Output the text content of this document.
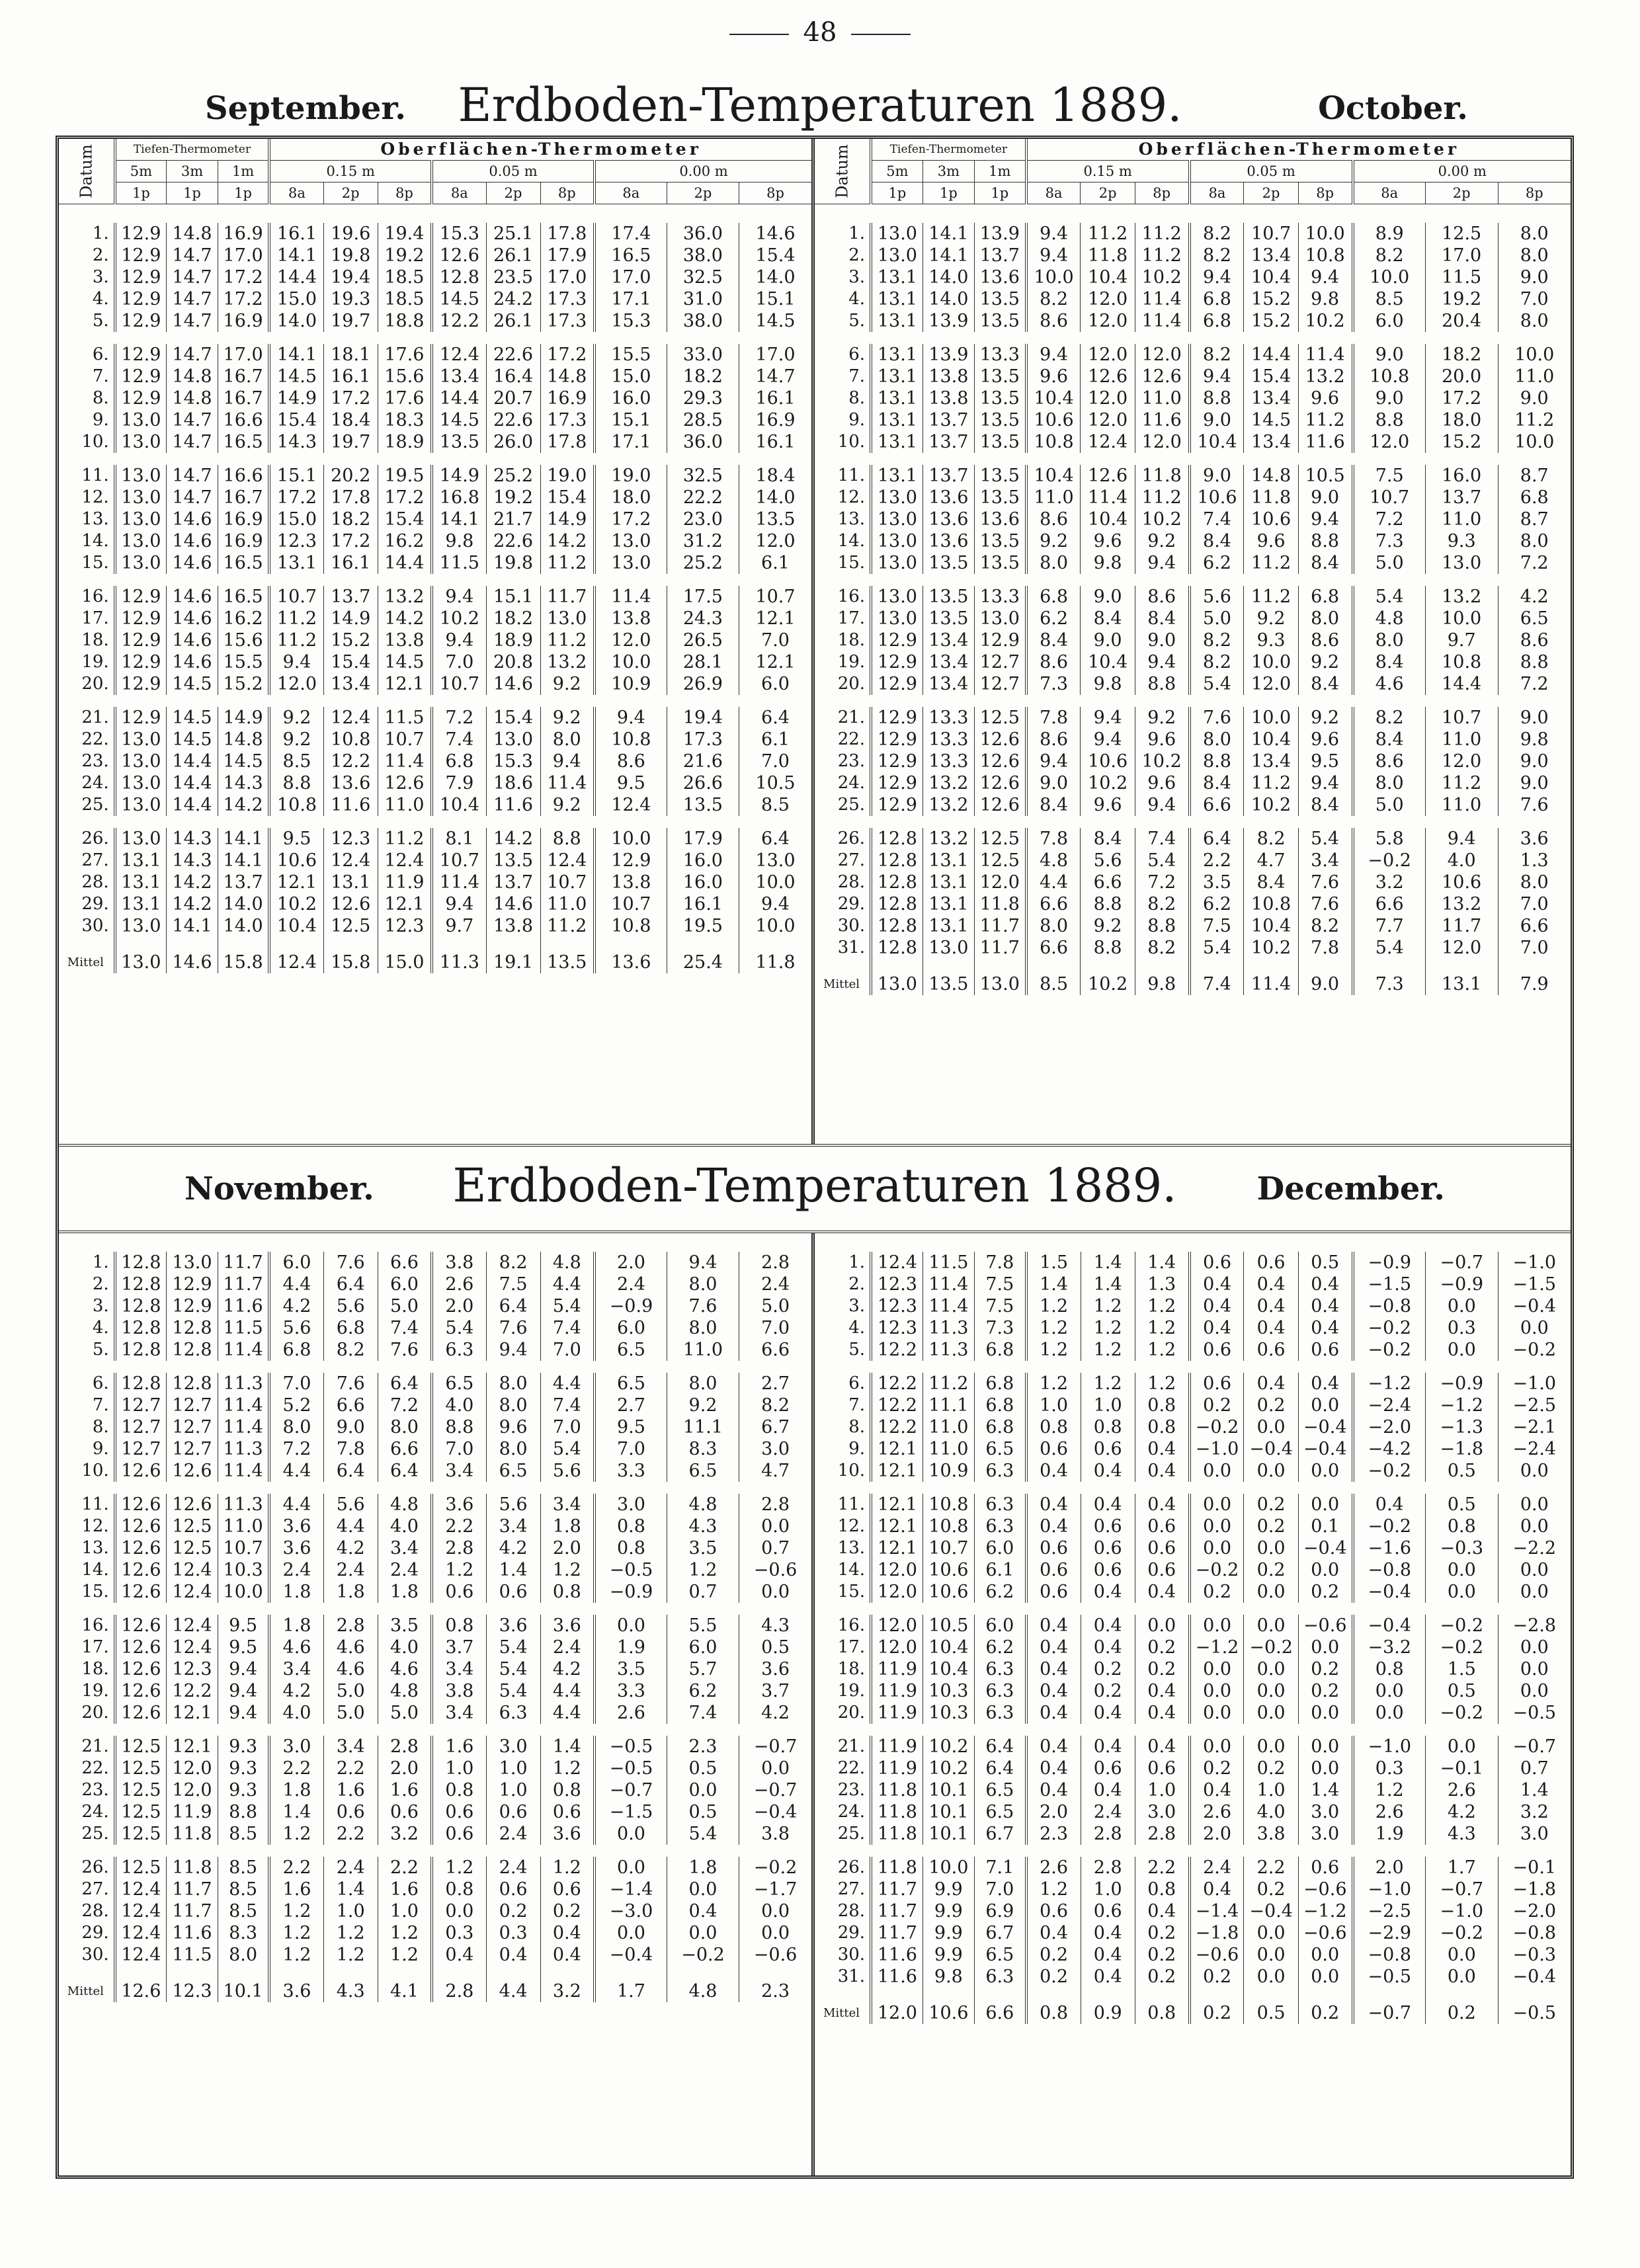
48
September.	Erdboden-Temperaturen 1889.	October.
Datum	Tiefen-Thermometer			Oberflächen-Thermometer								
	5m	3m	1m	0.15 m			0.05 m			0.00 m		
	1p	1p	1p	8a	2p	8p	8a	2p	8p	8a	2p	8p

1.	12.9	14.8	16.9	16.1	19.6	19.4	15.3	25.1	17.8	17.4	36.0	14.6
2.	12.9	14.7	17.0	14.1	19.8	19.2	12.6	26.1	17.9	16.5	38.0	15.4
3.	12.9	14.7	17.2	14.4	19.4	18.5	12.8	23.5	17.0	17.0	32.5	14.0
4.	12.9	14.7	17.2	15.0	19.3	18.5	14.5	24.2	17.3	17.1	31.0	15.1
5.	12.9	14.7	16.9	14.0	19.7	18.8	12.2	26.1	17.3	15.3	38.0	14.5

6.	12.9	14.7	17.0	14.1	18.1	17.6	12.4	22.6	17.2	15.5	33.0	17.0
7.	12.9	14.8	16.7	14.5	16.1	15.6	13.4	16.4	14.8	15.0	18.2	14.7
8.	12.9	14.8	16.7	14.9	17.2	17.6	14.4	20.7	16.9	16.0	29.3	16.1
9.	13.0	14.7	16.6	15.4	18.4	18.3	14.5	22.6	17.3	15.1	28.5	16.9
10.	13.0	14.7	16.5	14.3	19.7	18.9	13.5	26.0	17.8	17.1	36.0	16.1

11.	13.0	14.7	16.6	15.1	20.2	19.5	14.9	25.2	19.0	19.0	32.5	18.4
12.	13.0	14.7	16.7	17.2	17.8	17.2	16.8	19.2	15.4	18.0	22.2	14.0
13.	13.0	14.6	16.9	15.0	18.2	15.4	14.1	21.7	14.9	17.2	23.0	13.5
14.	13.0	14.6	16.9	12.3	17.2	16.2	9.8	22.6	14.2	13.0	31.2	12.0
15.	13.0	14.6	16.5	13.1	16.1	14.4	11.5	19.8	11.2	13.0	25.2	6.1

16.	12.9	14.6	16.5	10.7	13.7	13.2	9.4	15.1	11.7	11.4	17.5	10.7
17.	12.9	14.6	16.2	11.2	14.9	14.2	10.2	18.2	13.0	13.8	24.3	12.1
18.	12.9	14.6	15.6	11.2	15.2	13.8	9.4	18.9	11.2	12.0	26.5	7.0
19.	12.9	14.6	15.5	9.4	15.4	14.5	7.0	20.8	13.2	10.0	28.1	12.1
20.	12.9	14.5	15.2	12.0	13.4	12.1	10.7	14.6	9.2	10.9	26.9	6.0

21.	12.9	14.5	14.9	9.2	12.4	11.5	7.2	15.4	9.2	9.4	19.4	6.4
22.	13.0	14.5	14.8	9.2	10.8	10.7	7.4	13.0	8.0	10.8	17.3	6.1
23.	13.0	14.4	14.5	8.5	12.2	11.4	6.8	15.3	9.4	8.6	21.6	7.0
24.	13.0	14.4	14.3	8.8	13.6	12.6	7.9	18.6	11.4	9.5	26.6	10.5
25.	13.0	14.4	14.2	10.8	11.6	11.0	10.4	11.6	9.2	12.4	13.5	8.5

26.	13.0	14.3	14.1	9.5	12.3	11.2	8.1	14.2	8.8	10.0	17.9	6.4
27.	13.1	14.3	14.1	10.6	12.4	12.4	10.7	13.5	12.4	12.9	16.0	13.0
28.	13.1	14.2	13.7	12.1	13.1	11.9	11.4	13.7	10.7	13.8	16.0	10.0
29.	13.1	14.2	14.0	10.2	12.6	12.1	9.4	14.6	11.0	10.7	16.1	9.4
30.	13.0	14.1	14.0	10.4	12.5	12.3	9.7	13.8	11.2	10.8	19.5	10.0
Mittel	13.0	14.6	15.8	12.4	15.8	15.0	11.3	19.1	13.5	13.6	25.4	11.8
Datum	Tiefen-Thermometer			Oberflächen-Thermometer								
	5m	3m	1m	0.15 m			0.05 m			0.00 m		
	1p	1p	1p	8a	2p	8p	8a	2p	8p	8a	2p	8p

1.	13.0	14.1	13.9	9.4	11.2	11.2	8.2	10.7	10.0	8.9	12.5	8.0
2.	13.0	14.1	13.7	9.4	11.8	11.2	8.2	13.4	10.8	8.2	17.0	8.0
3.	13.1	14.0	13.6	10.0	10.4	10.2	9.4	10.4	9.4	10.0	11.5	9.0
4.	13.1	14.0	13.5	8.2	12.0	11.4	6.8	15.2	9.8	8.5	19.2	7.0
5.	13.1	13.9	13.5	8.6	12.0	11.4	6.8	15.2	10.2	6.0	20.4	8.0

6.	13.1	13.9	13.3	9.4	12.0	12.0	8.2	14.4	11.4	9.0	18.2	10.0
7.	13.1	13.8	13.5	9.6	12.6	12.6	9.4	15.4	13.2	10.8	20.0	11.0
8.	13.1	13.8	13.5	10.4	12.0	11.0	8.8	13.4	9.6	9.0	17.2	9.0
9.	13.1	13.7	13.5	10.6	12.0	11.6	9.0	14.5	11.2	8.8	18.0	11.2
10.	13.1	13.7	13.5	10.8	12.4	12.0	10.4	13.4	11.6	12.0	15.2	10.0

11.	13.1	13.7	13.5	10.4	12.6	11.8	9.0	14.8	10.5	7.5	16.0	8.7
12.	13.0	13.6	13.5	11.0	11.4	11.2	10.6	11.8	9.0	10.7	13.7	6.8
13.	13.0	13.6	13.6	8.6	10.4	10.2	7.4	10.6	9.4	7.2	11.0	8.7
14.	13.0	13.6	13.5	9.2	9.6	9.2	8.4	9.6	8.8	7.3	9.3	8.0
15.	13.0	13.5	13.5	8.0	9.8	9.4	6.2	11.2	8.4	5.0	13.0	7.2

16.	13.0	13.5	13.3	6.8	9.0	8.6	5.6	11.2	6.8	5.4	13.2	4.2
17.	13.0	13.5	13.0	6.2	8.4	8.4	5.0	9.2	8.0	4.8	10.0	6.5
18.	12.9	13.4	12.9	8.4	9.0	9.0	8.2	9.3	8.6	8.0	9.7	8.6
19.	12.9	13.4	12.7	8.6	10.4	9.4	8.2	10.0	9.2	8.4	10.8	8.8
20.	12.9	13.4	12.7	7.3	9.8	8.8	5.4	12.0	8.4	4.6	14.4	7.2

21.	12.9	13.3	12.5	7.8	9.4	9.2	7.6	10.0	9.2	8.2	10.7	9.0
22.	12.9	13.3	12.6	8.6	9.4	9.6	8.0	10.4	9.6	8.4	11.0	9.8
23.	12.9	13.3	12.6	9.4	10.6	10.2	8.8	13.4	9.5	8.6	12.0	9.0
24.	12.9	13.2	12.6	9.0	10.2	9.6	8.4	11.2	9.4	8.0	11.2	9.0
25.	12.9	13.2	12.6	8.4	9.6	9.4	6.6	10.2	8.4	5.0	11.0	7.6

26.	12.8	13.2	12.5	7.8	8.4	7.4	6.4	8.2	5.4	5.8	9.4	3.6
27.	12.8	13.1	12.5	4.8	5.6	5.4	2.2	4.7	3.4	−0.2	4.0	1.3
28.	12.8	13.1	12.0	4.4	6.6	7.2	3.5	8.4	7.6	3.2	10.6	8.0
29.	12.8	13.1	11.8	6.6	8.8	8.2	6.2	10.8	7.6	6.6	13.2	7.0
30.	12.8	13.1	11.7	8.0	9.2	8.8	7.5	10.4	8.2	7.7	11.7	6.6
31.	12.8	13.0	11.7	6.6	8.8	8.2	5.4	10.2	7.8	5.4	12.0	7.0
Mittel	13.0	13.5	13.0	8.5	10.2	9.8	7.4	11.4	9.0	7.3	13.1	7.9
November.	Erdboden-Temperaturen 1889.	December.

1.	12.8	13.0	11.7	6.0	7.6	6.6	3.8	8.2	4.8	2.0	9.4	2.8
2.	12.8	12.9	11.7	4.4	6.4	6.0	2.6	7.5	4.4	2.4	8.0	2.4
3.	12.8	12.9	11.6	4.2	5.6	5.0	2.0	6.4	5.4	−0.9	7.6	5.0
4.	12.8	12.8	11.5	5.6	6.8	7.4	5.4	7.6	7.4	6.0	8.0	7.0
5.	12.8	12.8	11.4	6.8	8.2	7.6	6.3	9.4	7.0	6.5	11.0	6.6

6.	12.8	12.8	11.3	7.0	7.6	6.4	6.5	8.0	4.4	6.5	8.0	2.7
7.	12.7	12.7	11.4	5.2	6.6	7.2	4.0	8.0	7.4	2.7	9.2	8.2
8.	12.7	12.7	11.4	8.0	9.0	8.0	8.8	9.6	7.0	9.5	11.1	6.7
9.	12.7	12.7	11.3	7.2	7.8	6.6	7.0	8.0	5.4	7.0	8.3	3.0
10.	12.6	12.6	11.4	4.4	6.4	6.4	3.4	6.5	5.6	3.3	6.5	4.7

11.	12.6	12.6	11.3	4.4	5.6	4.8	3.6	5.6	3.4	3.0	4.8	2.8
12.	12.6	12.5	11.0	3.6	4.4	4.0	2.2	3.4	1.8	0.8	4.3	0.0
13.	12.6	12.5	10.7	3.6	4.2	3.4	2.8	4.2	2.0	0.8	3.5	0.7
14.	12.6	12.4	10.3	2.4	2.4	2.4	1.2	1.4	1.2	−0.5	1.2	−0.6
15.	12.6	12.4	10.0	1.8	1.8	1.8	0.6	0.6	0.8	−0.9	0.7	0.0

16.	12.6	12.4	9.5	1.8	2.8	3.5	0.8	3.6	3.6	0.0	5.5	4.3
17.	12.6	12.4	9.5	4.6	4.6	4.0	3.7	5.4	2.4	1.9	6.0	0.5
18.	12.6	12.3	9.4	3.4	4.6	4.6	3.4	5.4	4.2	3.5	5.7	3.6
19.	12.6	12.2	9.4	4.2	5.0	4.8	3.8	5.4	4.4	3.3	6.2	3.7
20.	12.6	12.1	9.4	4.0	5.0	5.0	3.4	6.3	4.4	2.6	7.4	4.2

21.	12.5	12.1	9.3	3.0	3.4	2.8	1.6	3.0	1.4	−0.5	2.3	−0.7
22.	12.5	12.0	9.3	2.2	2.2	2.0	1.0	1.0	1.2	−0.5	0.5	0.0
23.	12.5	12.0	9.3	1.8	1.6	1.6	0.8	1.0	0.8	−0.7	0.0	−0.7
24.	12.5	11.9	8.8	1.4	0.6	0.6	0.6	0.6	0.6	−1.5	0.5	−0.4
25.	12.5	11.8	8.5	1.2	2.2	3.2	0.6	2.4	3.6	0.0	5.4	3.8

26.	12.5	11.8	8.5	2.2	2.4	2.2	1.2	2.4	1.2	0.0	1.8	−0.2
27.	12.4	11.7	8.5	1.6	1.4	1.6	0.8	0.6	0.6	−1.4	0.0	−1.7
28.	12.4	11.7	8.5	1.2	1.0	1.0	0.0	0.2	0.2	−3.0	0.4	0.0
29.	12.4	11.6	8.3	1.2	1.2	1.2	0.3	0.3	0.4	0.0	0.0	0.0
30.	12.4	11.5	8.0	1.2	1.2	1.2	0.4	0.4	0.4	−0.4	−0.2	−0.6
Mittel	12.6	12.3	10.1	3.6	4.3	4.1	2.8	4.4	3.2	1.7	4.8	2.3

1.	12.4	11.5	7.8	1.5	1.4	1.4	0.6	0.6	0.5	−0.9	−0.7	−1.0
2.	12.3	11.4	7.5	1.4	1.4	1.3	0.4	0.4	0.4	−1.5	−0.9	−1.5
3.	12.3	11.4	7.5	1.2	1.2	1.2	0.4	0.4	0.4	−0.8	0.0	−0.4
4.	12.3	11.3	7.3	1.2	1.2	1.2	0.4	0.4	0.4	−0.2	0.3	0.0
5.	12.2	11.3	6.8	1.2	1.2	1.2	0.6	0.6	0.6	−0.2	0.0	−0.2

6.	12.2	11.2	6.8	1.2	1.2	1.2	0.6	0.4	0.4	−1.2	−0.9	−1.0
7.	12.2	11.1	6.8	1.0	1.0	0.8	0.2	0.2	0.0	−2.4	−1.2	−2.5
8.	12.2	11.0	6.8	0.8	0.8	0.8	−0.2	0.0	−0.4	−2.0	−1.3	−2.1
9.	12.1	11.0	6.5	0.6	0.6	0.4	−1.0	−0.4	−0.4	−4.2	−1.8	−2.4
10.	12.1	10.9	6.3	0.4	0.4	0.4	0.0	0.0	0.0	−0.2	0.5	0.0

11.	12.1	10.8	6.3	0.4	0.4	0.4	0.0	0.2	0.0	0.4	0.5	0.0
12.	12.1	10.8	6.3	0.4	0.6	0.6	0.0	0.2	0.1	−0.2	0.8	0.0
13.	12.1	10.7	6.0	0.6	0.6	0.6	0.0	0.0	−0.4	−1.6	−0.3	−2.2
14.	12.0	10.6	6.1	0.6	0.6	0.6	−0.2	0.2	0.0	−0.8	0.0	0.0
15.	12.0	10.6	6.2	0.6	0.4	0.4	0.2	0.0	0.2	−0.4	0.0	0.0

16.	12.0	10.5	6.0	0.4	0.4	0.0	0.0	0.0	−0.6	−0.4	−0.2	−2.8
17.	12.0	10.4	6.2	0.4	0.4	0.2	−1.2	−0.2	0.0	−3.2	−0.2	0.0
18.	11.9	10.4	6.3	0.4	0.2	0.2	0.0	0.0	0.2	0.8	1.5	0.0
19.	11.9	10.3	6.3	0.4	0.2	0.4	0.0	0.0	0.2	0.0	0.5	0.0
20.	11.9	10.3	6.3	0.4	0.4	0.4	0.0	0.0	0.0	0.0	−0.2	−0.5

21.	11.9	10.2	6.4	0.4	0.4	0.4	0.0	0.0	0.0	−1.0	0.0	−0.7
22.	11.9	10.2	6.4	0.4	0.6	0.6	0.2	0.2	0.0	0.3	−0.1	0.7
23.	11.8	10.1	6.5	0.4	0.4	1.0	0.4	1.0	1.4	1.2	2.6	1.4
24.	11.8	10.1	6.5	2.0	2.4	3.0	2.6	4.0	3.0	2.6	4.2	3.2
25.	11.8	10.1	6.7	2.3	2.8	2.8	2.0	3.8	3.0	1.9	4.3	3.0

26.	11.8	10.0	7.1	2.6	2.8	2.2	2.4	2.2	0.6	2.0	1.7	−0.1
27.	11.7	9.9	7.0	1.2	1.0	0.8	0.4	0.2	−0.6	−1.0	−0.7	−1.8
28.	11.7	9.9	6.9	0.6	0.6	0.4	−1.4	−0.4	−1.2	−2.5	−1.0	−2.0
29.	11.7	9.9	6.7	0.4	0.4	0.2	−1.8	0.0	−0.6	−2.9	−0.2	−0.8
30.	11.6	9.9	6.5	0.2	0.4	0.2	−0.6	0.0	0.0	−0.8	0.0	−0.3
31.	11.6	9.8	6.3	0.2	0.4	0.2	0.2	0.0	0.0	−0.5	0.0	−0.4
Mittel	12.0	10.6	6.6	0.8	0.9	0.8	0.2	0.5	0.2	−0.7	0.2	−0.5
